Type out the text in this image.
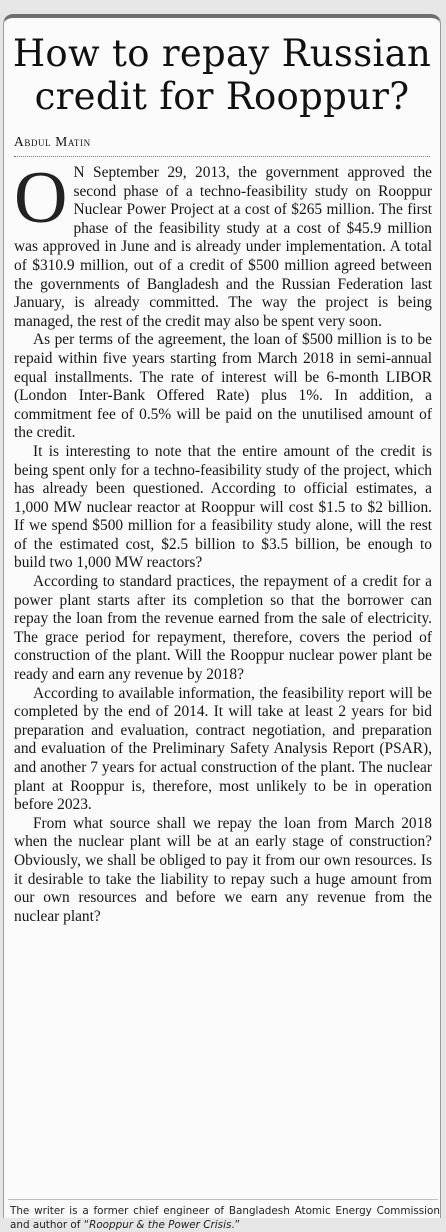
How to repay Russian
credit for Rooppur?
Abdul Matin

O N September 29, 2013, the government approved the second phase of a techno-feasibility study on Rooppur Nuclear Power Project at a cost of $265 million. The first phase of the feasibility study at a cost of $45.9 million was approved in June and is already under implementation. A total of $310.9 million, out of a credit of $500 million agreed between the governments of Bangladesh and the Russian Federation last January, is already committed. The way the project is being managed, the rest of the credit may also be spent very soon.

As per terms of the agreement, the loan of $500 million is to be repaid within five years starting from March 2018 in semi-annual equal installments. The rate of interest will be 6-month LIBOR (London Inter-Bank Offered Rate) plus 1%. In addition, a commitment fee of 0.5% will be paid on the unutilised amount of the credit.

It is interesting to note that the entire amount of the credit is being spent only for a techno-feasibility study of the project, which has already been questioned. According to official estimates, a 1,000 MW nuclear reactor at Rooppur will cost $1.5 to $2 billion. If we spend $500 million for a feasibility study alone, will the rest of the estimated cost, $2.5 billion to $3.5 billion, be enough to build two 1,000 MW reactors?

According to standard practices, the repayment of a credit for a power plant starts after its completion so that the borrower can repay the loan from the revenue earned from the sale of electricity. The grace period for repayment, therefore, covers the period of construction of the plant. Will the Rooppur nuclear power plant be ready and earn any revenue by 2018?

According to available information, the feasibility report will be completed by the end of 2014. It will take at least 2 years for bid preparation and evaluation, contract negotiation, and preparation and evaluation of the Preliminary Safety Analysis Report (PSAR), and another 7 years for actual construction of the plant. The nuclear plant at Rooppur is, therefore, most unlikely to be in operation before 2023.

From what source shall we repay the loan from March 2018 when the nuclear plant will be at an early stage of construction? Obviously, we shall be obliged to pay it from our own resources. Is it desirable to take the liability to repay such a huge amount from our own resources and before we earn any revenue from the nuclear plant?

The writer is a former chief engineer of Bangladesh Atomic Energy Commission and author of “Rooppur & the Power Crisis.”
